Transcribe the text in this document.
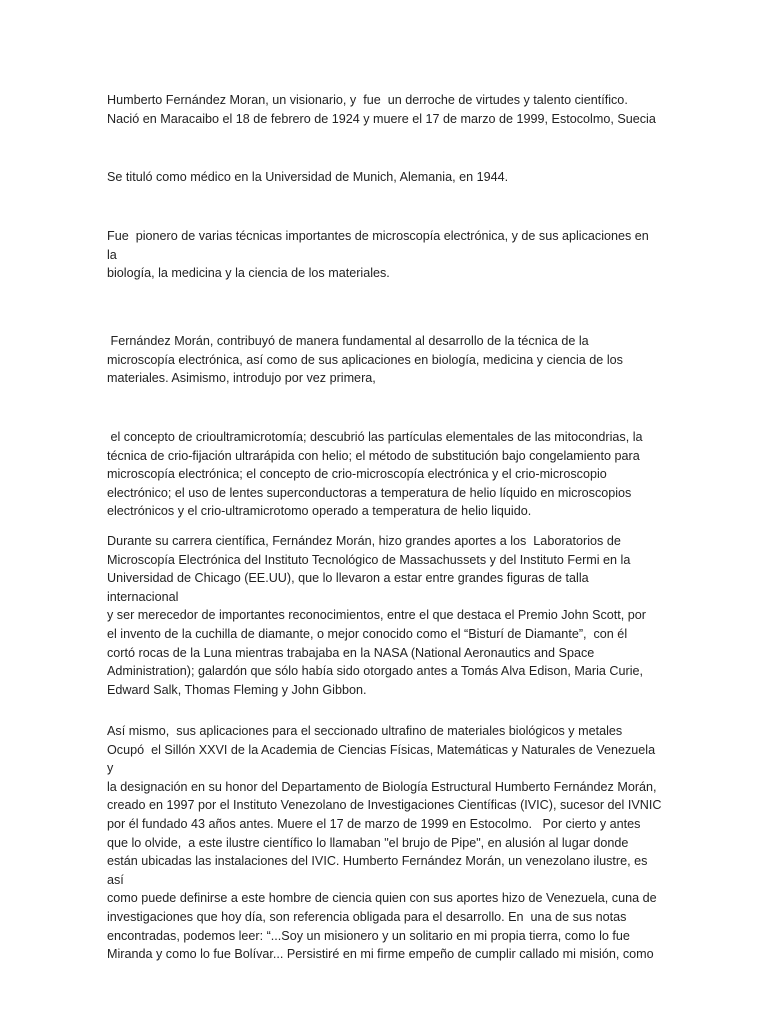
Humberto Fernández Moran, un visionario, y  fue  un derroche de virtudes y talento científico.
Nació en Maracaibo el 18 de febrero de 1924 y muere el 17 de marzo de 1999, Estocolmo, Suecia

Se tituló como médico en la Universidad de Munich, Alemania, en 1944.

Fue  pionero de varias técnicas importantes de microscopía electrónica, y de sus aplicaciones en la
biología, la medicina y la ciencia de los materiales.

Fernández Morán, contribuyó de manera fundamental al desarrollo de la técnica de la
microscopía electrónica, así como de sus aplicaciones en biología, medicina y ciencia de los
materiales. Asimismo, introdujo por vez primera,

el concepto de crioultramicrotomía; descubrió las partículas elementales de las mitocondrias, la
técnica de crio-fijación ultrarápida con helio; el método de substitución bajo congelamiento para
microscopía electrónica; el concepto de crio-microscopía electrónica y el crio-microscopio
electrónico; el uso de lentes superconductoras a temperatura de helio líquido en microscopios
electrónicos y el crio-ultramicrotomo operado a temperatura de helio liquido.

Durante su carrera científica, Fernández Morán, hizo grandes aportes a los  Laboratorios de
Microscopía Electrónica del Instituto Tecnológico de Massachussets y del Instituto Fermi en la
Universidad de Chicago (EE.UU), que lo llevaron a estar entre grandes figuras de talla internacional
y ser merecedor de importantes reconocimientos, entre el que destaca el Premio John Scott, por
el invento de la cuchilla de diamante, o mejor conocido como el “Bisturí de Diamante”,  con él
cortó rocas de la Luna mientras trabajaba en la NASA (National Aeronautics and Space
Administration); galardón que sólo había sido otorgado antes a Tomás Alva Edison, Maria Curie,
Edward Salk, Thomas Fleming y John Gibbon.

Así mismo,  sus aplicaciones para el seccionado ultrafino de materiales biológicos y metales
Ocupó  el Sillón XXVI de la Academia de Ciencias Físicas, Matemáticas y Naturales de Venezuela y
la designación en su honor del Departamento de Biología Estructural Humberto Fernández Morán,
creado en 1997 por el Instituto Venezolano de Investigaciones Científicas (IVIC), sucesor del IVNIC
por él fundado 43 años antes. Muere el 17 de marzo de 1999 en Estocolmo.   Por cierto y antes
que lo olvide,  a este ilustre científico lo llamaban "el brujo de Pipe", en alusión al lugar donde
están ubicadas las instalaciones del IVIC. Humberto Fernández Morán, un venezolano ilustre, es así
como puede definirse a este hombre de ciencia quien con sus aportes hizo de Venezuela, cuna de
investigaciones que hoy día, son referencia obligada para el desarrollo. En  una de sus notas
encontradas, podemos leer: “...Soy un misionero y un solitario en mi propia tierra, como lo fue
Miranda y como lo fue Bolívar... Persistiré en mi firme empeño de cumplir callado mi misión, como
